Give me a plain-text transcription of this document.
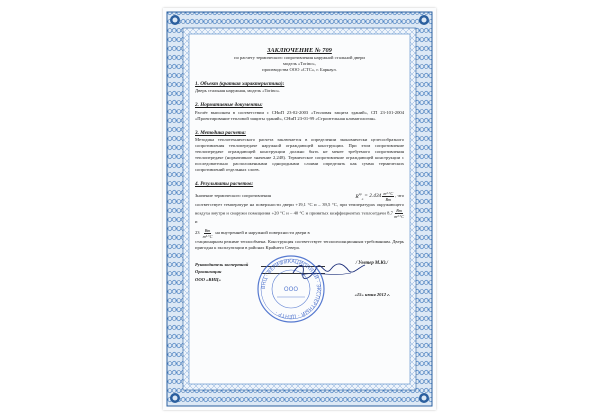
ЗАКЛЮЧЕНИЕ № 709

по расчету термического сопротивления наружной стальной двери

модель «Torino»,

производства ООО «СТС», г. Барнаул.

1. Объект (краткая характеристика):

Дверь стальная наружная, модель «Torino».

2. Нормативные документы:

Расчёт выполнен в соответствии с СНиП 23-02-2003 «Тепловая защита зданий», СП 23-101-2004 «Проектирование тепловой защиты зданий», СНиП 23-01-99 «Строительная климатология».

3. Методика расчета:

Методика теплотехнического расчета заключается в определении экономически целесообразного сопротивления теплопередаче наружной ограждающей конструкции. При этом сопротивление теплопередаче ограждающей конструкции должно быть не менее требуемого сопротивления теплопередаче (нормативное значение 2,248). Термическое сопротивление ограждающей конструкции с последовательно расположенными однородными слоями определять как сумма термических сопротивлений отдельных слоев.

4. Результаты расчетов:
Значение термического сопротивления	$R^{np}_o = 2.434 \frac{\text{m²·°C}}{Bm}$ , что

соответствует температуре на поверхности двери +19,1 °C и – 39,5 °C, при температурах окружающего воздуха внутри и снаружи помещения +20 °C и – 40 °C и принятых коэффициентах теплоотдачи $8,7 \frac{Bm}{\text{m²·°C}}$
и

$23 \frac{Bm}{\text{m²·°C}}$ на внутренней и наружной поверхности двери в

стационарном режиме теплообмена. Конструкция соответствует теплоизоляционным требованиям. Дверь пригодна к эксплуатации в районах Крайнего Севера.

Руководитель экспертной
Организации
ООО «ВНЦ»
ВНЦ · ВЕРИФИКАЦИОННЫЙ · ЭКСПЕРТНЫЙ · ЦЕНТР ·
ООО
/ Уеетер М.Ю./
«15» июня 2012 г.
